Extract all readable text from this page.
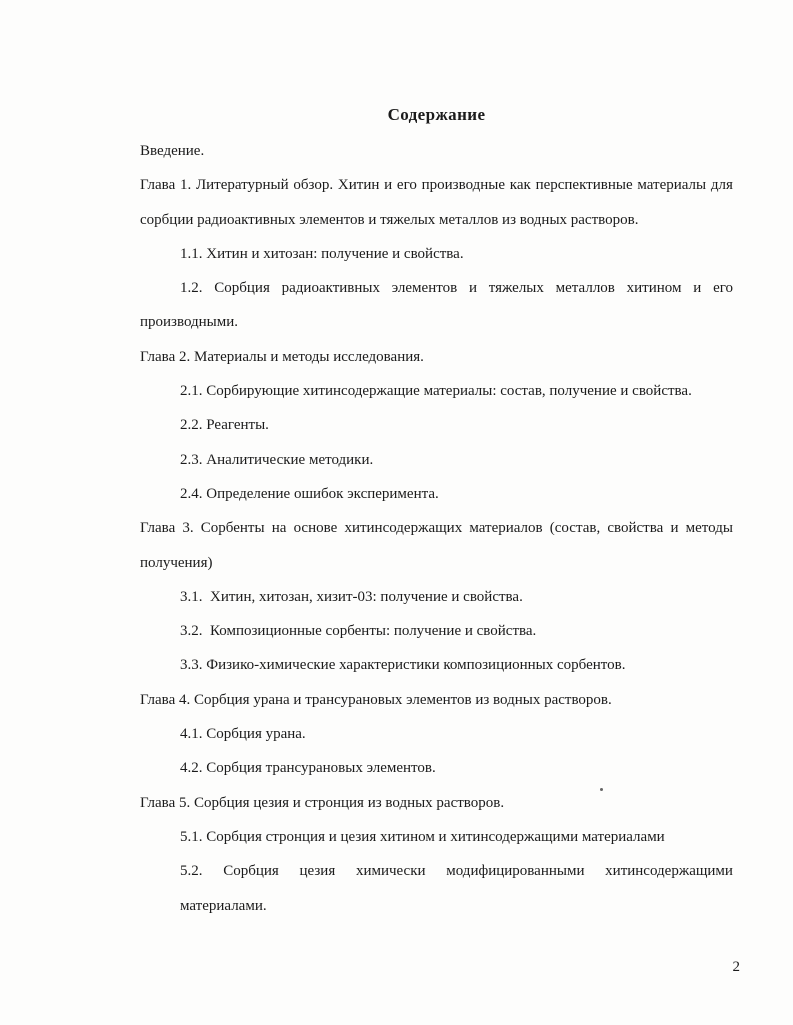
Содержание
Введение.
Глава 1. Литературный обзор. Хитин и его производные как перспективные материалы для
сорбции радиоактивных элементов и тяжелых металлов из водных растворов.
1.1. Хитин и хитозан: получение и свойства.
1.2. Сорбция радиоактивных элементов и тяжелых металлов хитином и его
производными.
Глава 2. Материалы и методы исследования.
2.1. Сорбирующие хитинсодержащие материалы: состав, получение и свойства.
2.2. Реагенты.
2.3. Аналитические методики.
2.4. Определение ошибок эксперимента.
Глава 3. Сорбенты на основе хитинсодержащих материалов (состав, свойства и методы
получения)
3.1.  Хитин, хитозан, хизит-03: получение и свойства.
3.2.  Композиционные сорбенты: получение и свойства.
3.3. Физико-химические характеристики композиционных сорбентов.
Глава 4. Сорбция урана и трансурановых элементов из водных растворов.
4.1. Сорбция урана.
4.2. Сорбция трансурановых элементов.
Глава 5. Сорбция цезия и стронция из водных растворов.
5.1. Сорбция стронция и цезия хитином и хитинсодержащими материалами
5.2. Сорбция цезия химически модифицированными хитинсодержащими
материалами.
2
